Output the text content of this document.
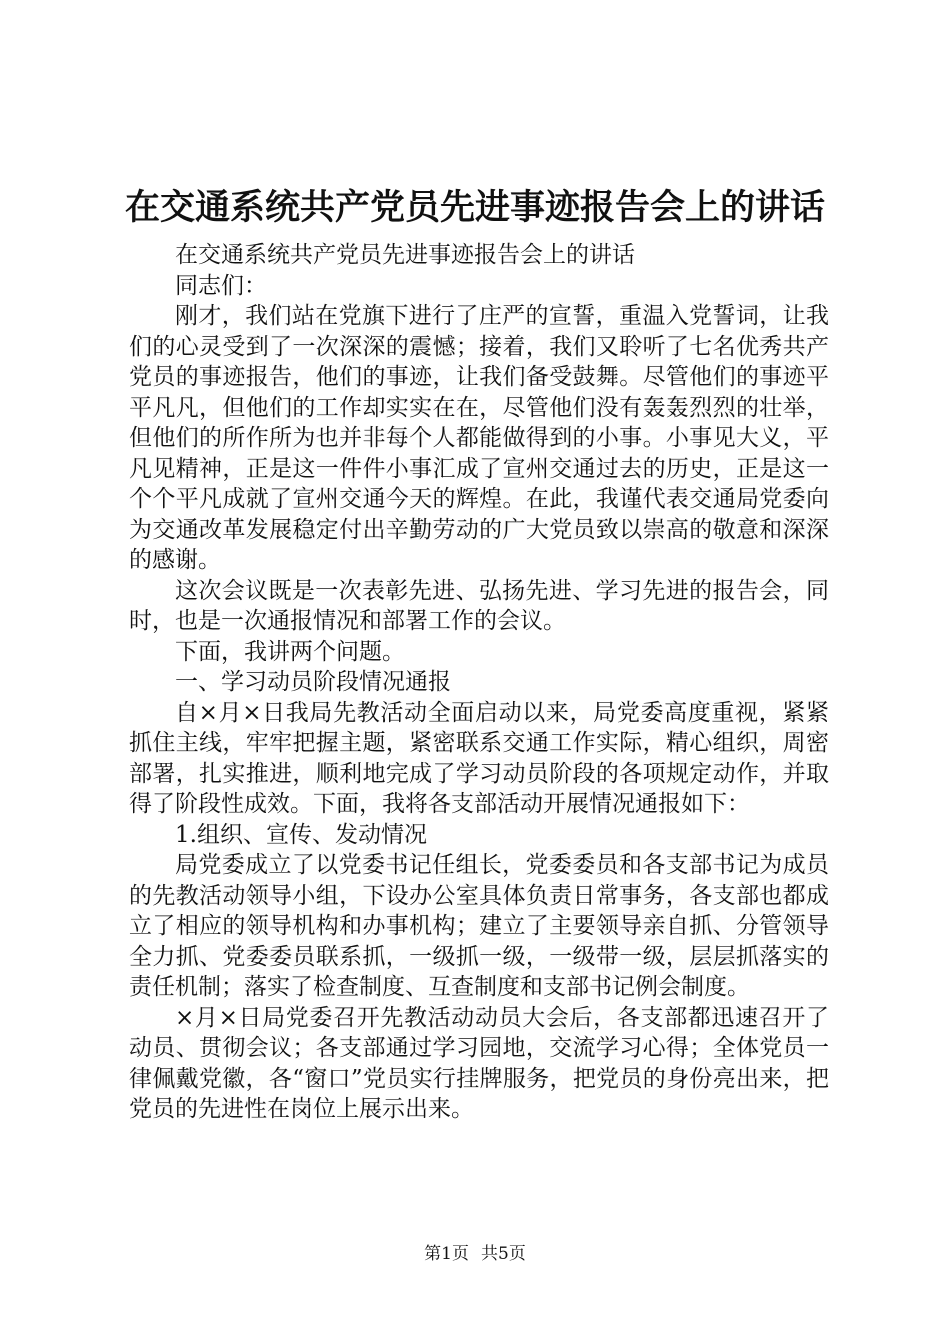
在交通系统共产党员先进事迹报告会上的讲话

在交通系统共产党员先进事迹报告会上的讲话

同志们：

刚才，我们站在党旗下进行了庄严的宣誓，重温入党誓词，让我们的心灵受到了一次深深的震憾；接着，我们又聆听了七名优秀共产党员的事迹报告，他们的事迹，让我们备受鼓舞。尽管他们的事迹平平凡凡，但他们的工作却实实在在，尽管他们没有轰轰烈烈的壮举，但他们的所作所为也并非每个人都能做得到的小事。小事见大义，平凡见精神，正是这一件件小事汇成了宣州交通过去的历史，正是这一个个平凡成就了宣州交通今天的辉煌。在此，我谨代表交通局党委向为交通改革发展稳定付出辛勤劳动的广大党员致以崇高的敬意和深深的感谢。

这次会议既是一次表彰先进、弘扬先进、学习先进的报告会，同时，也是一次通报情况和部署工作的会议。

下面，我讲两个问题。

一、学习动员阶段情况通报

自×月×日我局先教活动全面启动以来，局党委高度重视，紧紧抓住主线，牢牢把握主题，紧密联系交通工作实际，精心组织，周密部署，扎实推进，顺利地完成了学习动员阶段的各项规定动作，并取得了阶段性成效。下面，我将各支部活动开展情况通报如下：

1.组织、宣传、发动情况

局党委成立了以党委书记任组长，党委委员和各支部书记为成员的先教活动领导小组，下设办公室具体负责日常事务，各支部也都成立了相应的领导机构和办事机构；建立了主要领导亲自抓、分管领导全力抓、党委委员联系抓，一级抓一级，一级带一级，层层抓落实的责任机制；落实了检查制度、互查制度和支部书记例会制度。

×月×日局党委召开先教活动动员大会后，各支部都迅速召开了动员、贯彻会议；各支部通过学习园地，交流学习心得；全体党员一律佩戴党徽，各“窗口”党员实行挂牌服务，把党员的身份亮出来，把党员的先进性在岗位上展示出来。

第1页 共5页
